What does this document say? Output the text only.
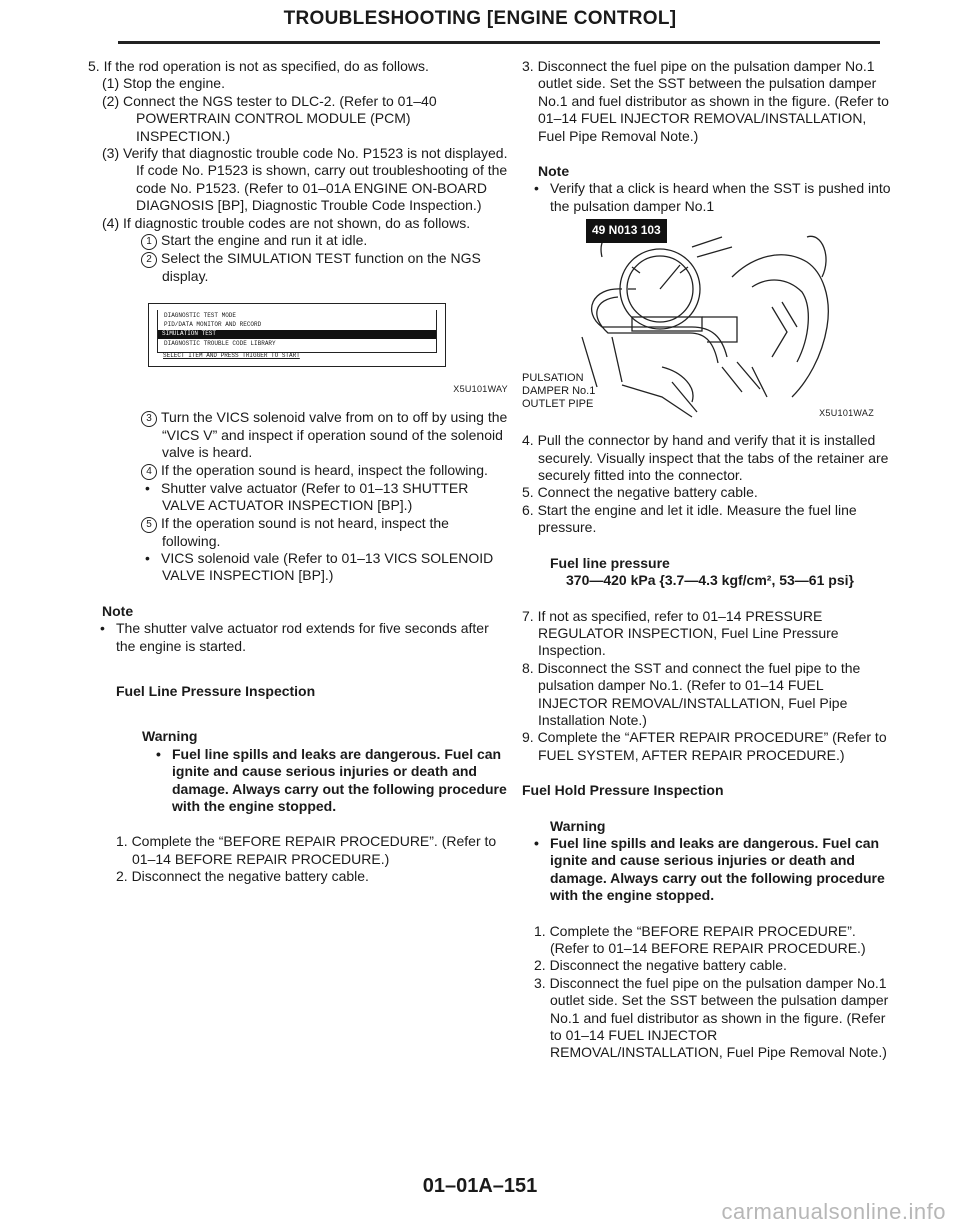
TROUBLESHOOTING [ENGINE CONTROL]

5. If the rod operation is not as specified, do as follows.

(1) Stop the engine.

(2) Connect the NGS tester to DLC-2. (Refer to 01–40 POWERTRAIN CONTROL MODULE (PCM) INSPECTION.)

(3) Verify that diagnostic trouble code No. P1523 is not displayed. If code No. P1523 is shown, carry out troubleshooting of the code No. P1523. (Refer to 01–01A ENGINE ON-BOARD DIAGNOSIS [BP], Diagnostic Trouble Code Inspection.)

(4) If diagnostic trouble codes are not shown, do as follows.

1 Start the engine and run it at idle.

2 Select the SIMULATION TEST function on the NGS display.

DIAGNOSTIC TEST MODE
PID/DATA MONITOR AND RECORD
SIMULATION TEST
DIAGNOSTIC TROUBLE CODE LIBRARY
SELECT ITEM AND PRESS TRIGGER TO START
X5U101WAY

3 Turn the VICS solenoid valve from on to off by using the “VICS V” and inspect if operation sound of the solenoid valve is heard.

4 If the operation sound is heard, inspect the following.

• Shutter valve actuator (Refer to 01–13 SHUTTER VALVE ACTUATOR INSPECTION [BP].)

5 If the operation sound is not heard, inspect the following.

• VICS solenoid vale (Refer to 01–13 VICS SOLENOID VALVE INSPECTION [BP].)

Note

• The shutter valve actuator rod extends for five seconds after the engine is started.

Fuel Line Pressure Inspection

Warning

• Fuel line spills and leaks are dangerous. Fuel can ignite and cause serious injuries or death and damage. Always carry out the following procedure with the engine stopped.

1. Complete the “BEFORE REPAIR PROCEDURE”. (Refer to 01–14 BEFORE REPAIR PROCEDURE.)

2. Disconnect the negative battery cable.

3. Disconnect the fuel pipe on the pulsation damper No.1 outlet side. Set the SST between the pulsation damper No.1 and fuel distributor as shown in the figure. (Refer to 01–14 FUEL INJECTOR REMOVAL/INSTALLATION, Fuel Pipe Removal Note.)

Note

• Verify that a click is heard when the SST is pushed into the pulsation damper No.1

49 N013 103
PULSATION
DAMPER No.1
OUTLET PIPE
X5U101WAZ

4. Pull the connector by hand and verify that it is installed securely. Visually inspect that the tabs of the retainer are securely fitted into the connector.

5. Connect the negative battery cable.

6. Start the engine and let it idle. Measure the fuel line pressure.

Fuel line pressure

370—420 kPa {3.7—4.3 kgf/cm², 53—61 psi}

7. If not as specified, refer to 01–14 PRESSURE REGULATOR INSPECTION, Fuel Line Pressure Inspection.

8. Disconnect the SST and connect the fuel pipe to the pulsation damper No.1. (Refer to 01–14 FUEL INJECTOR REMOVAL/INSTALLATION, Fuel Pipe Installation Note.)

9. Complete the “AFTER REPAIR PROCEDURE” (Refer to FUEL SYSTEM, AFTER REPAIR PROCEDURE.)

Fuel Hold Pressure Inspection

Warning

• Fuel line spills and leaks are dangerous. Fuel can ignite and cause serious injuries or death and damage. Always carry out the following procedure with the engine stopped.

1. Complete the “BEFORE REPAIR PROCEDURE”. (Refer to 01–14 BEFORE REPAIR PROCEDURE.)

2. Disconnect the negative battery cable.

3. Disconnect the fuel pipe on the pulsation damper No.1 outlet side. Set the SST between the pulsation damper No.1 and fuel distributor as shown in the figure. (Refer to 01–14 FUEL INJECTOR REMOVAL/INSTALLATION, Fuel Pipe Removal Note.)

01–01A–151
carmanualsonline.info
